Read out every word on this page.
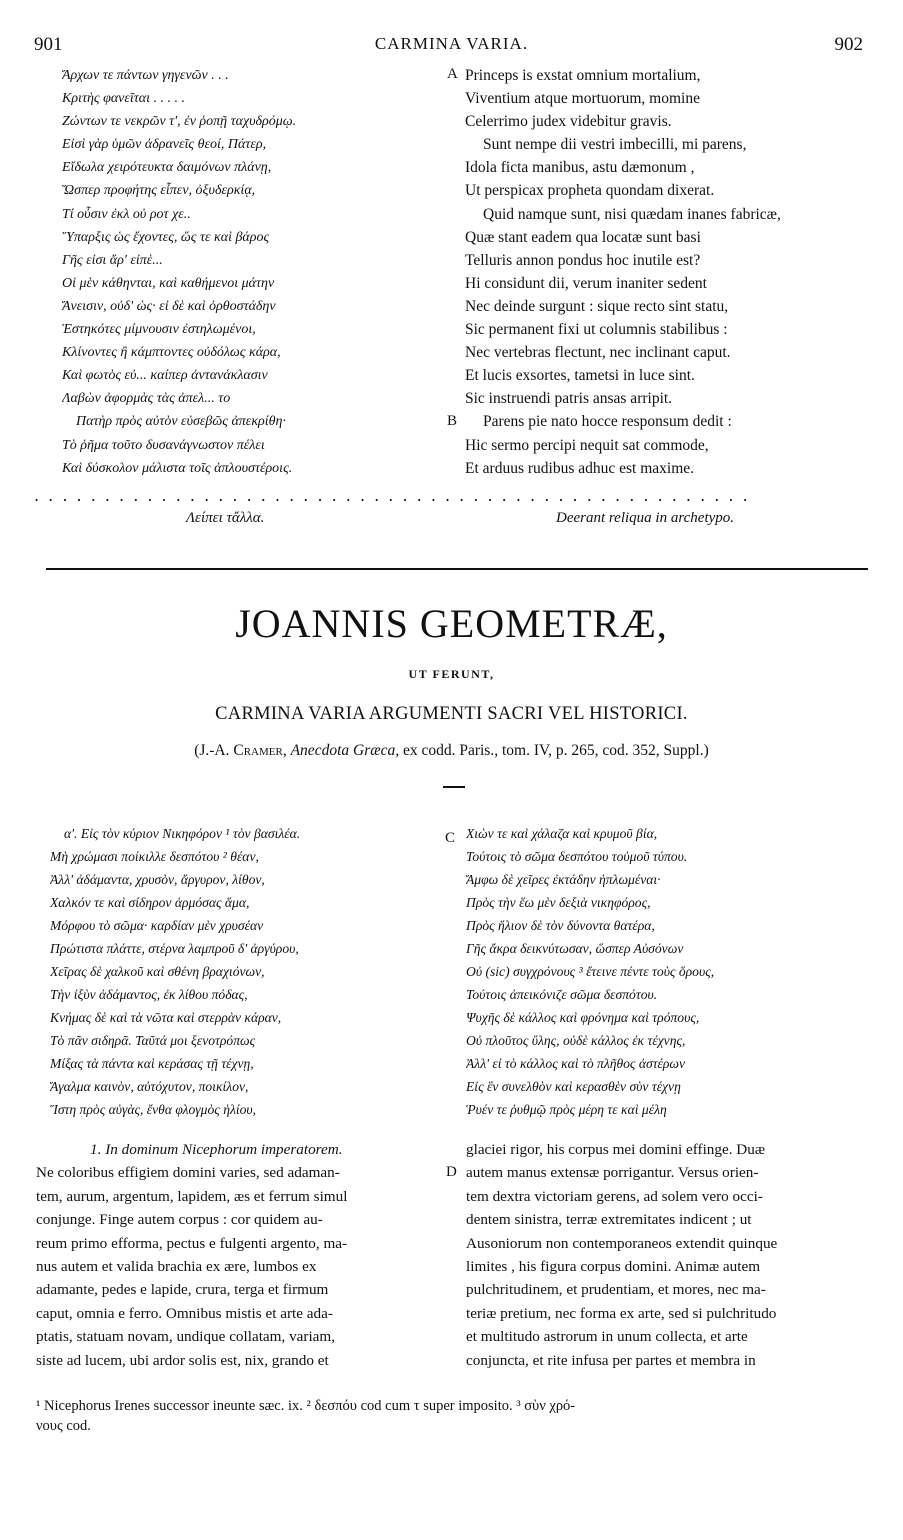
901	CARMINA VARIA.	902
Ἄρχων τε πάντων γηγενῶν . . .
Κριτὴς φανεῖται . . . . .
Ζώντων τε νεκρῶν τ', ἐν ῥοπῇ ταχυδρόμῳ.
Εἰσὶ γὰρ ὑμῶν ἀδρανεῖς θεοί, Πάτερ,
Εἴδωλα χειρότευκτα δαιμόνων πλάνῃ,
Ὥσπερ προφήτης εἶπεν, ὀξυδερκίᾳ,
Τί οὖσιν ἐκλ οὐ ροτ χε..
Ὕπαρξις ὡς ἔχοντες, ὥς τε καὶ βάρος
Γῆς εἰσι ἄρ' εἰπὲ...
Οἱ μὲν κάθηνται, καὶ καθήμενοι μάτην
Ἄνεισιν, οὐδ' ὡς· εἰ δὲ καὶ ὀρθοστάδην
Ἑστηκότες μίμνουσιν ἐστηλωμένοι,
Κλίνοντες ἢ κάμπτοντες οὐδόλως κάρα,
Καὶ φωτὸς εὐ... καίπερ ἀντανάκλασιν
Λαβὼν ἀφορμὰς τὰς ἀπελ... το
Πατὴρ πρὸς αὐτὸν εὐσεβῶς ἀπεκρίθη·
Τὸ ῥῆμα τοῦτο δυσανάγνωστον πέλει
Καὶ δύσκολον μάλιστα τοῖς ἁπλουστέροις.
A
B
Princeps is exstat omnium mortalium,
Viventium atque mortuorum, momine
Celerrimo judex videbitur gravis.
Sunt nempe dii vestri imbecilli, mi parens,
Idola ficta manibus, astu dæmonum ,
Ut perspicax propheta quondam dixerat.
Quid namque sunt, nisi quædam inanes fabricæ,
Quæ stant eadem qua locatæ sunt basi
Telluris annon pondus hoc inutile est?
Hi considunt dii, verum inaniter sedent
Nec deinde surgunt : sique recto sint statu,
Sic permanent fixi ut columnis stabilibus :
Nec vertebras flectunt, nec inclinant caput.
Et lucis exsortes, tametsi in luce sint.
Sic instruendi patris ansas arripit.
Parens pie nato hocce responsum dedit :
Hic sermo percipi nequit sat commode,
Et arduus rudibus adhuc est maxime.
. . . . . . . . . . . . . . . . . . . . . . . . . . . . . . . . . . . . . . . . . . . . . . . . . . .
Λείπει τἄλλα.	Deerant reliqua in archetypo.
JOANNIS GEOMETRÆ,
UT FERUNT,
CARMINA VARIA ARGUMENTI SACRI VEL HISTORICI.
(J.-A. Cramer, Anecdota Græca, ex codd. Paris., tom. IV, p. 265, cod. 352, Suppl.)
α'. Εἰς τὸν κύριον Νικηφόρον ¹ τὸν βασιλέα.
Μὴ χρώμασι ποίκιλλε δεσπότου ² θέαν,
Ἀλλ' ἀδάμαντα, χρυσὸν, ἄργυρον, λίθον,
Χαλκόν τε καὶ σίδηρον ἁρμόσας ἅμα,
Μόρφου τὸ σῶμα· καρδίαν μὲν χρυσέαν
Πρώτιστα πλάττε, στέρνα λαμπροῦ δ' ἀργύρου,
Χεῖρας δὲ χαλκοῦ καὶ σθένη βραχιόνων,
Τὴν ἰξὺν ἀδάμαντος, ἐκ λίθου πόδας,
Κνήμας δὲ καὶ τὰ νῶτα καὶ στερρὰν κάραν,
Τὸ πᾶν σιδηρᾶ. Ταῦτά μοι ξενοτρόπως
Μίξας τὰ πάντα καὶ κεράσας τῇ τέχνῃ,
Ἄγαλμα καινὸν, αὐτόχυτον, ποικίλον,
Ἵστη πρὸς αὐγὰς, ἔνθα φλογμὸς ἡλίου,
C Χιὼν τε καὶ χάλαζα καὶ κρυμοῦ βία,
Τούτοις τὸ σῶμα δεσπότου τοὐμοῦ τύπου.
Ἄμφω δὲ χεῖρες ἐκτάδην ἡπλωμέναι·
Πρὸς τὴν ἕω μὲν δεξιὰ νικηφόρος,
Πρὸς ἥλιον δὲ τὸν δύνοντα θατέρα,
Γῆς ἄκρα δεικνύτωσαν, ὥσπερ Αὐσόνων
Οὐ (sic) συγχρόνους ³ ἔτεινε πέντε τοὺς ὅρους,
Τούτοις ἀπεικόνιζε σῶμα δεσπότου.
Ψυχῆς δὲ κάλλος καὶ φρόνημα καὶ τρόπους,
Οὐ πλοῦτος ὕλης, οὐδὲ κάλλος ἐκ τέχνης,
Ἀλλ' εἰ τὸ κάλλος καὶ τὸ πλῆθος ἀστέρων
Εἰς ἓν συνελθὸν καὶ κερασθὲν σὺν τέχνῃ
Ῥυέν τε ῥυθμῷ πρὸς μέρη τε καὶ μέλη
1. In dominum Nicephorum imperatorem.
Ne coloribus effigiem domini varies, sed adaman-
tem, aurum, argentum, lapidem, æs et ferrum simul
conjunge. Finge autem corpus : cor quidem au-
reum primo efforma, pectus e fulgenti argento, ma-
nus autem et valida brachia ex ære, lumbos ex
adamante, pedes e lapide, crura, terga et firmum
caput, omnia e ferro. Omnibus mistis et arte ada-
ptatis, statuam novam, undique collatam, variam,
siste ad lucem, ubi ardor solis est, nix, grando et
D
glaciei rigor, his corpus mei domini effinge. Duæ
autem manus extensæ porrigantur. Versus orien-
tem dextra victoriam gerens, ad solem vero occi-
dentem sinistra, terræ extremitates indicent ; ut
Ausoniorum non contemporaneos extendit quinque
limites , his figura corpus domini. Animæ autem
pulchritudinem, et prudentiam, et mores, nec ma-
teriæ pretium, nec forma ex arte, sed si pulchritudo
et multitudo astrorum in unum collecta, et arte
conjuncta, et rite infusa per partes et membra in
¹ Nicephorus Irenes successor ineunte sæc. ix. ² δεσπόυ cod cum τ super imposito. ³ σὺν χρό-
νους cod.
